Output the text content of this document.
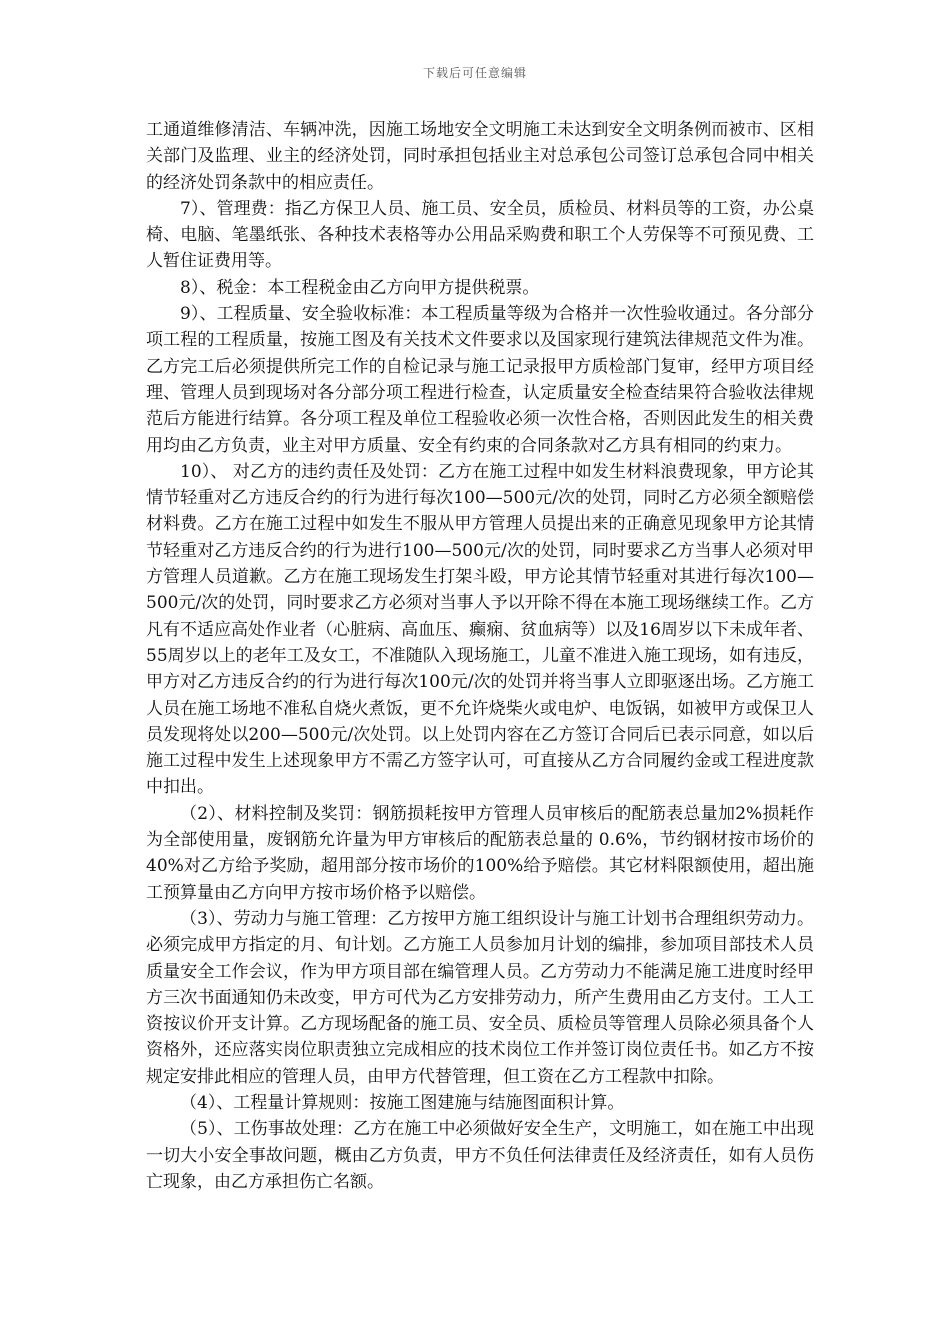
下载后可任意编辑

工通道维修清洁、车辆冲洗，因施工场地安全文明施工未达到安全文明条例而被市、区相关部门及监理、业主的经济处罚，同时承担包括业主对总承包公司签订总承包合同中相关的经济处罚条款中的相应责任。

7）、管理费：指乙方保卫人员、施工员、安全员，质检员、材料员等的工资，办公桌椅、电脑、笔墨纸张、各种技术表格等办公用品采购费和职工个人劳保等不可预见费、工人暂住证费用等。

8）、税金：本工程税金由乙方向甲方提供税票。

9）、工程质量、安全验收标准：本工程质量等级为合格并一次性验收通过。各分部分项工程的工程质量，按施工图及有关技术文件要求以及国家现行建筑法律规范文件为准。乙方完工后必须提供所完工作的自检记录与施工记录报甲方质检部门复审，经甲方项目经理、管理人员到现场对各分部分项工程进行检查，认定质量安全检查结果符合验收法律规范后方能进行结算。各分项工程及单位工程验收必须一次性合格，否则因此发生的相关费用均由乙方负责，业主对甲方质量、安全有约束的合同条款对乙方具有相同的约束力。

10）、 对乙方的违约责任及处罚：乙方在施工过程中如发生材料浪费现象，甲方论其情节轻重对乙方违反合约的行为进行每次100—500元/次的处罚，同时乙方必须全额赔偿材料费。乙方在施工过程中如发生不服从甲方管理人员提出来的正确意见现象甲方论其情节轻重对乙方违反合约的行为进行100—500元/次的处罚，同时要求乙方当事人必须对甲方管理人员道歉。乙方在施工现场发生打架斗殴，甲方论其情节轻重对其进行每次100—500元/次的处罚，同时要求乙方必须对当事人予以开除不得在本施工现场继续工作。乙方凡有不适应高处作业者（心脏病、高血压、癫痫、贫血病等）以及16周岁以下未成年者、55周岁以上的老年工及女工，不准随队入现场施工，儿童不准进入施工现场，如有违反，甲方对乙方违反合约的行为进行每次100元/次的处罚并将当事人立即驱逐出场。乙方施工人员在施工场地不准私自烧火煮饭，更不允许烧柴火或电炉、电饭锅，如被甲方或保卫人员发现将处以200—500元/次处罚。以上处罚内容在乙方签订合同后已表示同意，如以后施工过程中发生上述现象甲方不需乙方签字认可，可直接从乙方合同履约金或工程进度款中扣出。

（2）、材料控制及奖罚：钢筋损耗按甲方管理人员审核后的配筋表总量加2%损耗作为全部使用量，废钢筋允许量为甲方审核后的配筋表总量的 0.6%，节约钢材按市场价的40%对乙方给予奖励，超用部分按市场价的100%给予赔偿。其它材料限额使用，超出施工预算量由乙方向甲方按市场价格予以赔偿。

（3）、劳动力与施工管理：乙方按甲方施工组织设计与施工计划书合理组织劳动力。必须完成甲方指定的月、旬计划。乙方施工人员参加月计划的编排，参加项目部技术人员质量安全工作会议，作为甲方项目部在编管理人员。乙方劳动力不能满足施工进度时经甲方三次书面通知仍未改变，甲方可代为乙方安排劳动力，所产生费用由乙方支付。工人工资按议价开支计算。乙方现场配备的施工员、安全员、质检员等管理人员除必须具备个人资格外，还应落实岗位职责独立完成相应的技术岗位工作并签订岗位责任书。如乙方不按规定安排此相应的管理人员，由甲方代替管理，但工资在乙方工程款中扣除。

（4）、工程量计算规则：按施工图建施与结施图面积计算。

（5）、工伤事故处理：乙方在施工中必须做好安全生产，文明施工，如在施工中出现一切大小安全事故问题，概由乙方负责，甲方不负任何法律责任及经济责任，如有人员伤亡现象，由乙方承担伤亡名额。
